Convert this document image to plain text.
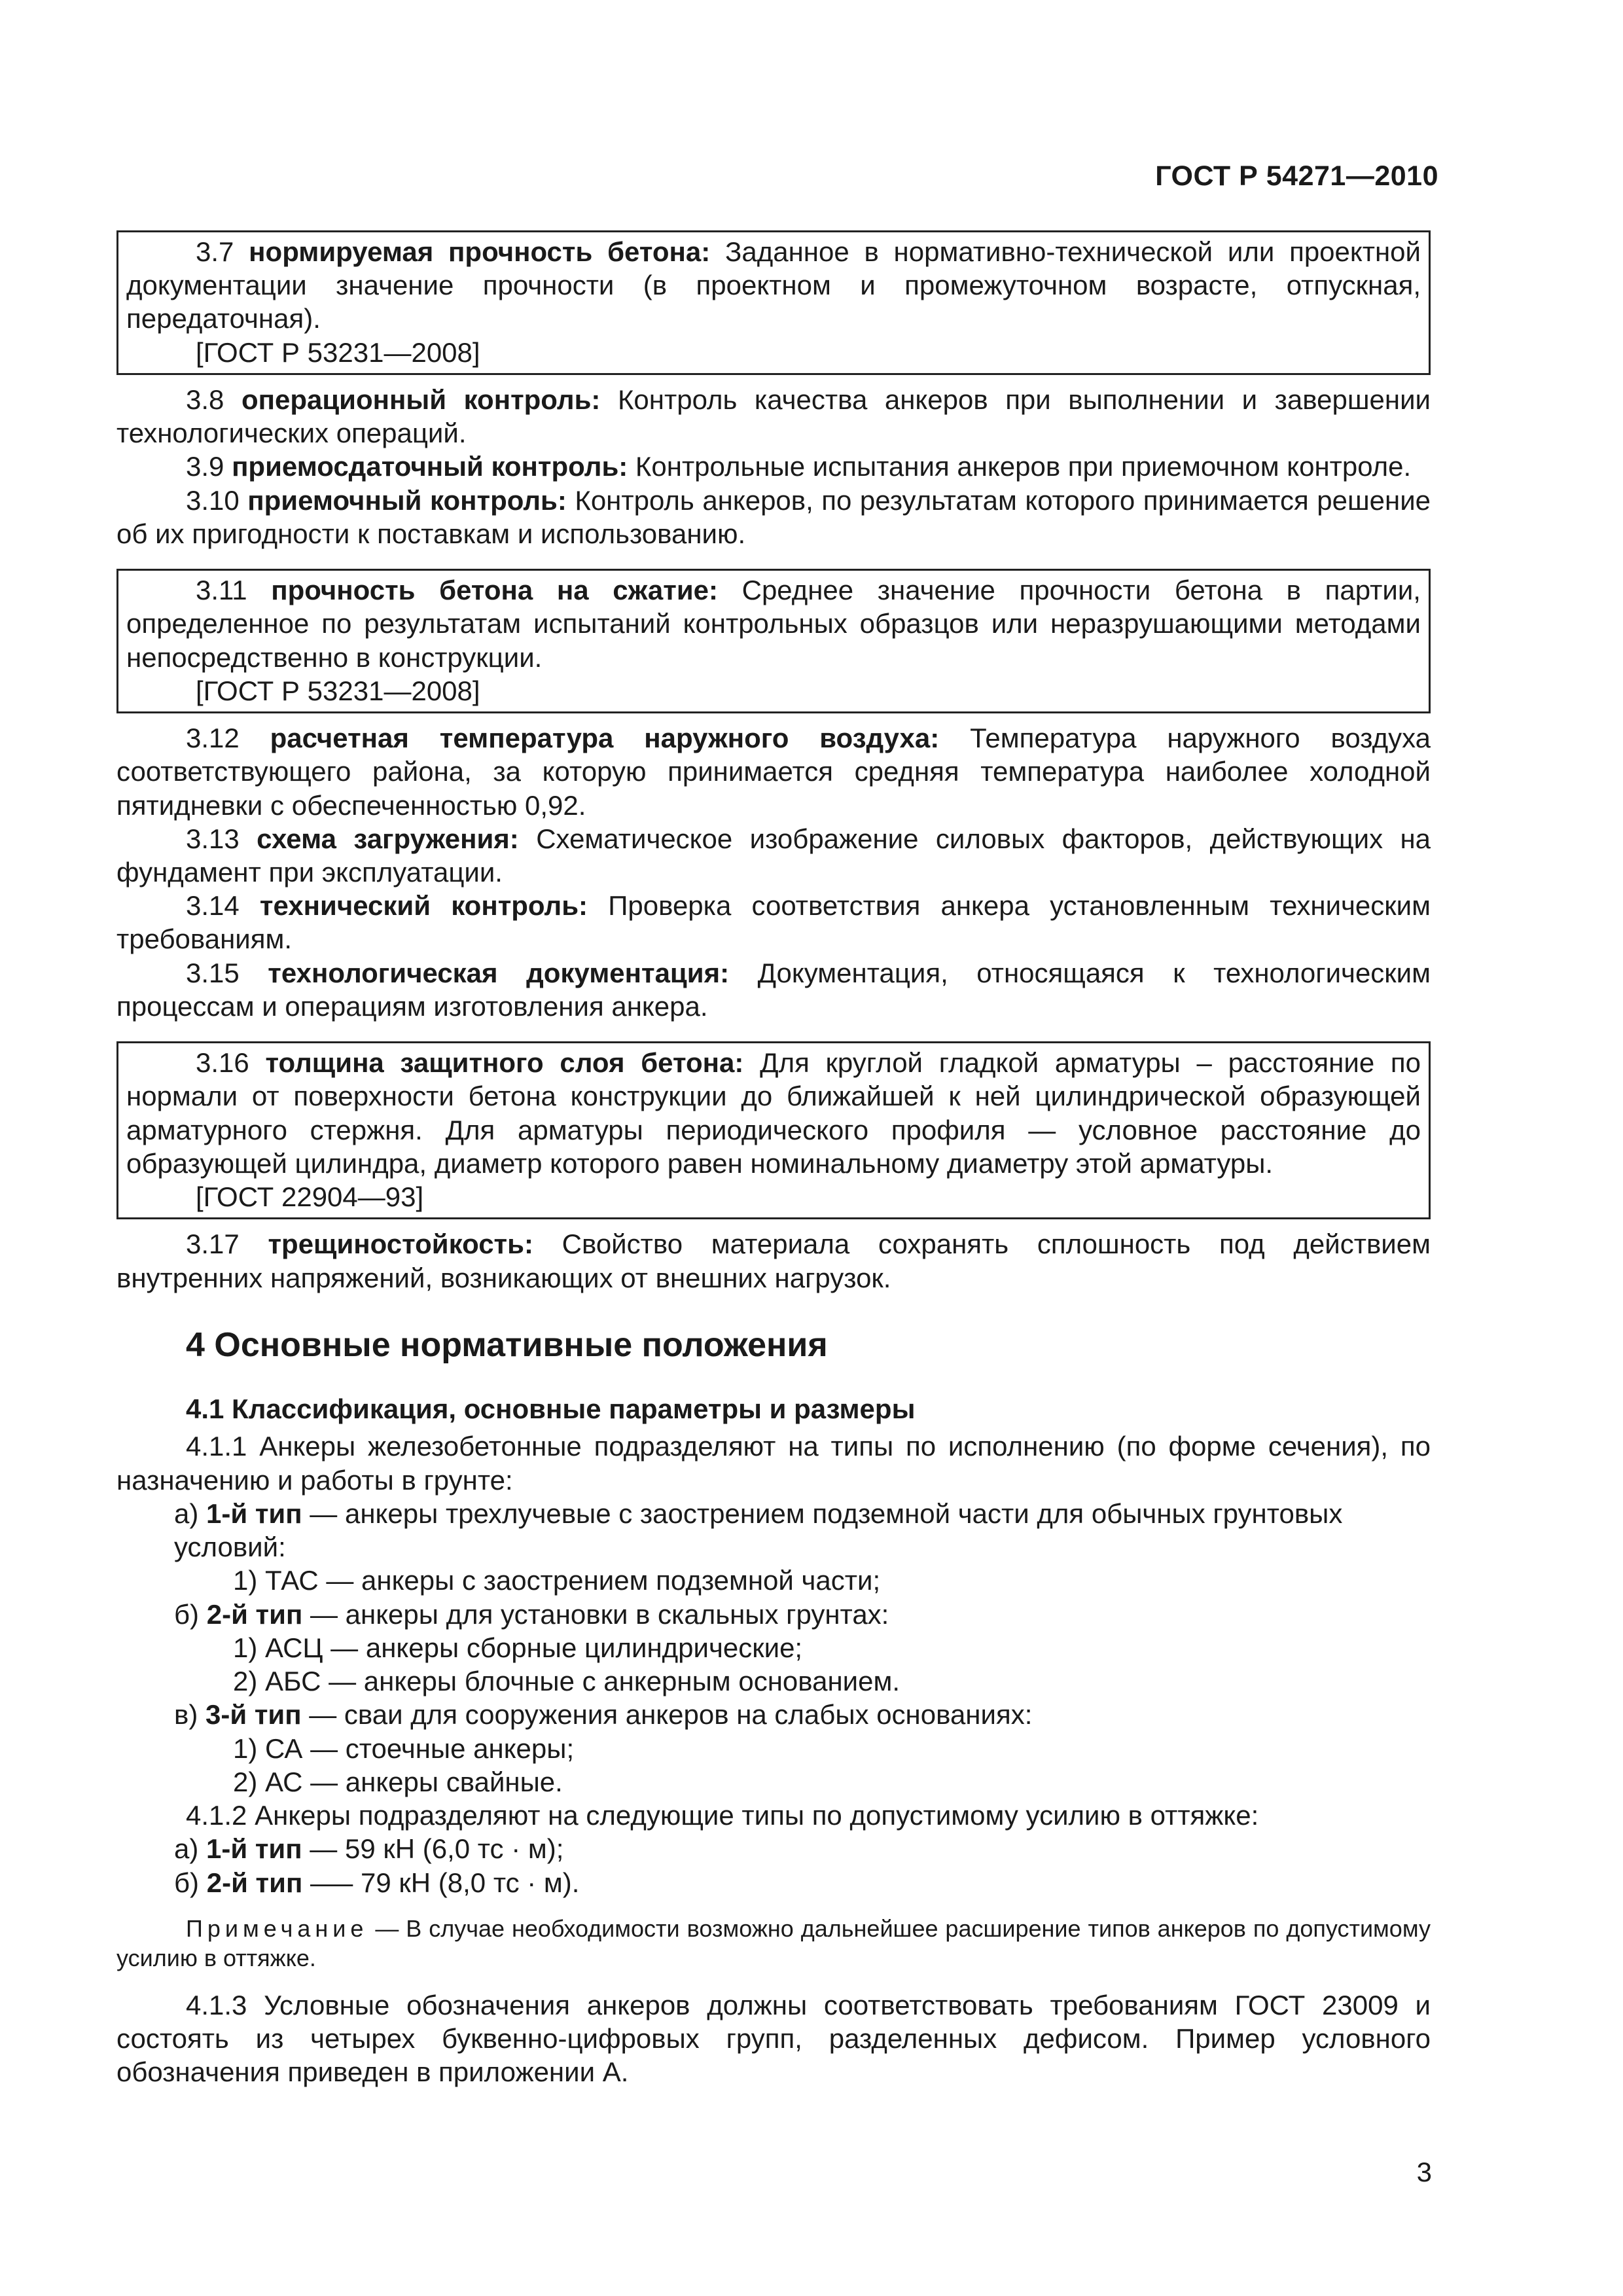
ГОСТ Р 54271—2010

3.7 нормируемая прочность бетона: Заданное в нормативно-технической или проектной документации значение прочности (в проектном и промежуточном возрасте, отпускная, передаточная).

[ГОСТ Р 53231—2008]

3.8 операционный контроль: Контроль качества анкеров при выполнении и завершении технологических операций.

3.9 приемосдаточный контроль: Контрольные испытания анкеров при приемочном контроле.

3.10 приемочный контроль: Контроль анкеров, по результатам которого принимается решение об их пригодности к поставкам и использованию.

3.11 прочность бетона на сжатие: Среднее значение прочности бетона в партии, определенное по результатам испытаний контрольных образцов или неразрушающими методами непосредственно в конструкции.

[ГОСТ Р 53231—2008]

3.12 расчетная температура наружного воздуха: Температура наружного воздуха соответствующего района, за которую принимается средняя температура наиболее холодной пятидневки с обеспеченностью 0,92.

3.13 схема загружения: Схематическое изображение силовых факторов, действующих на фундамент при эксплуатации.

3.14 технический контроль: Проверка соответствия анкера установленным техническим требованиям.

3.15 технологическая документация: Документация, относящаяся к технологическим процессам и операциям изготовления анкера.

3.16 толщина защитного слоя бетона: Для круглой гладкой арматуры – расстояние по нормали от поверхности бетона конструкции до ближайшей к ней цилиндрической образующей арматурного стержня. Для арматуры периодического профиля — условное расстояние до образующей цилиндра, диаметр которого равен номинальному диаметру этой арматуры.

[ГОСТ 22904—93]

3.17 трещиностойкость: Свойство материала сохранять сплошность под действием внутренних напряжений, возникающих от внешних нагрузок.

4 Основные нормативные положения
4.1 Классификация, основные параметры и размеры

4.1.1 Анкеры железобетонные подразделяют на типы по исполнению (по форме сечения), по назначению и работы в грунте:

а) 1-й тип — анкеры трехлучевые с заострением подземной части для обычных грунтовых условий:
1) ТАС — анкеры с заострением подземной части;
б) 2-й тип — анкеры для установки в скальных грунтах:
1) АСЦ — анкеры сборные цилиндрические;
2) АБС — анкеры блочные с анкерным основанием.
в) 3-й тип — сваи для сооружения анкеров на слабых основаниях:
1) СА — стоечные анкеры;
2) АС — анкеры свайные.

4.1.2 Анкеры подразделяют на следующие типы по допустимому усилию в оттяжке:

а) 1-й тип — 59 кН (6,0 тс · м);
б) 2-й тип —– 79 кН (8,0 тс · м).

Примечание — В случае необходимости возможно дальнейшее расширение типов анкеров по допустимому усилию в оттяжке.

4.1.3 Условные обозначения анкеров должны соответствовать требованиям ГОСТ 23009 и состоять из четырех буквенно-цифровых групп, разделенных дефисом. Пример условного обозначения приведен в приложении А.

3
